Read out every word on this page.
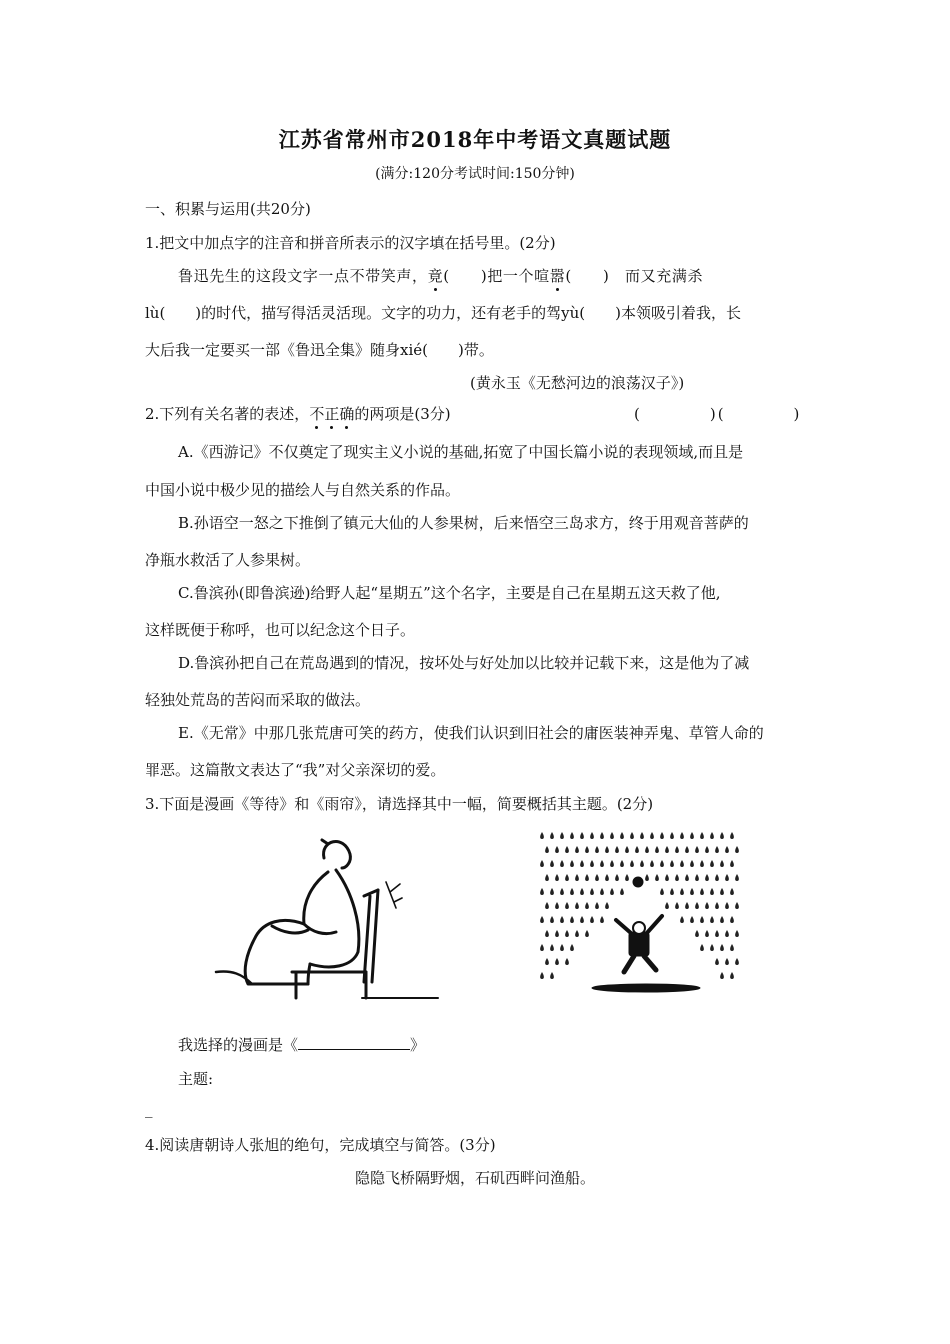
江苏省常州市2018年中考语文真题试题
(满分:120分考试时间:150分钟)
一、积累与运用(共20分)
1.把文中加点字的注音和拼音所表示的汉字填在括号里。(2分)
鲁迅先生的这段文字一点不带笑声，竟(　　)把一个喧嚣(　　)　而又充满杀
lù(　　)的时代，描写得活灵活现。文字的功力，还有老手的驾yù(　　)本领吸引着我，长
大后我一定要买一部《鲁迅全集》随身xié(　　)带。
(黄永玉《无愁河边的浪荡汉子》)
2.下列有关名著的表述，不正确的两项是(3分)	(　　　　)(　　　　)
A.《西游记》不仅奠定了现实主义小说的基础,拓宽了中国长篇小说的表现领域,而且是
中国小说中极少见的描绘人与自然关系的作品。
B.孙语空一怒之下推倒了镇元大仙的人参果树，后来悟空三岛求方，终于用观音菩萨的
净瓶水救活了人参果树。
C.鲁滨孙(即鲁滨逊)给野人起“星期五”这个名字，主要是自己在星期五这天救了他,
这样既便于称呼，也可以纪念这个日子。
D.鲁滨孙把自己在荒岛遇到的情况，按坏处与好处加以比较并记载下来，这是他为了减
轻独处荒岛的苦闷而采取的做法。
E.《无常》中那几张荒唐可笑的药方，使我们认识到旧社会的庸医装神弄鬼、草管人命的
罪恶。这篇散文表达了“我”对父亲深切的爱。
3.下面是漫画《等待》和《雨帘》，请选择其中一幅，简要概括其主题。(2分)
我选择的漫画是《	》
主题:
_
4.阅读唐朝诗人张旭的绝句，完成填空与简答。(3分)
隐隐飞桥隔野烟，石矶西畔问渔船。
